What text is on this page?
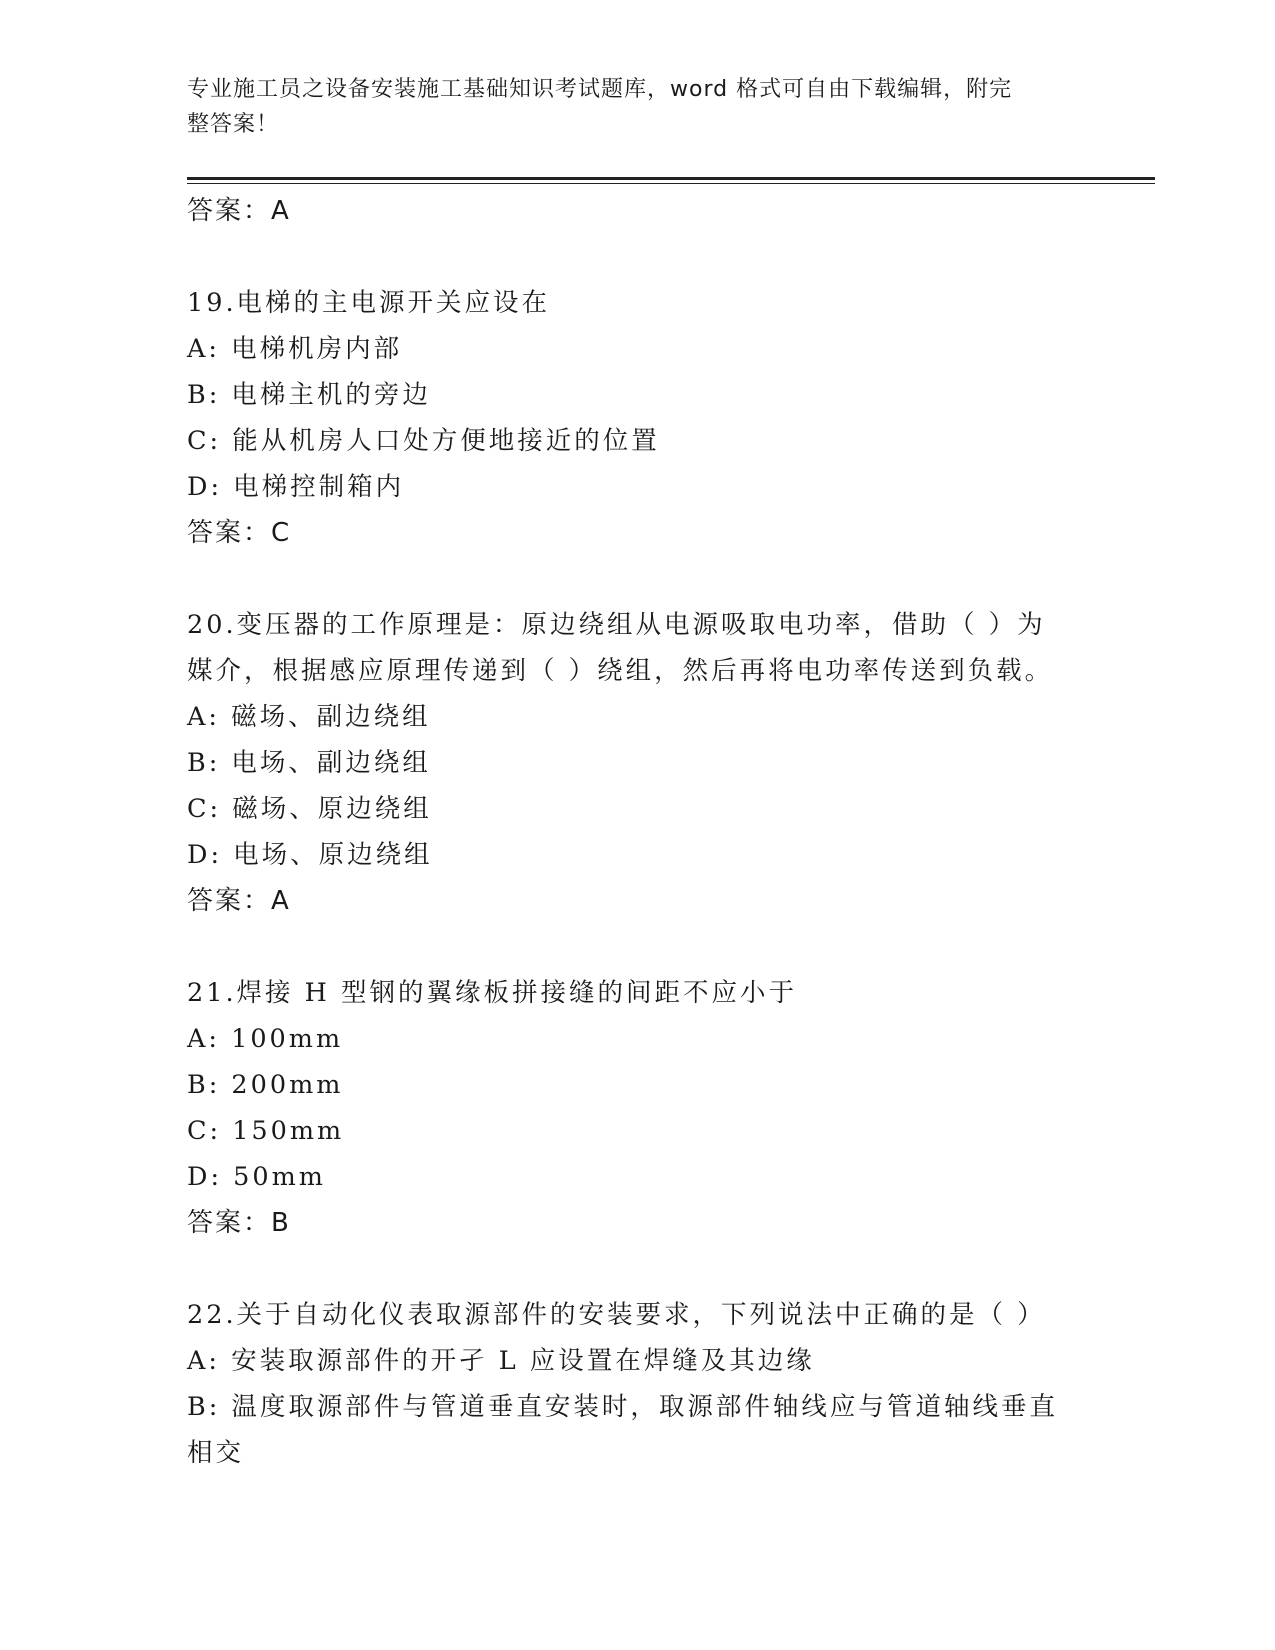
专业施工员之设备安装施工基础知识考试题库，word 格式可自由下载编辑，附完
整答案！
答案：A
19.电梯的主电源开关应设在
A: 电梯机房内部
B: 电梯主机的旁边
C: 能从机房人口处方便地接近的位置
D: 电梯控制箱内
答案：C
20.变压器的工作原理是：原边绕组从电源吸取电功率，借助（ ）为
媒介，根据感应原理传递到（ ）绕组，然后再将电功率传送到负载。
A: 磁场、副边绕组
B: 电场、副边绕组
C: 磁场、原边绕组
D: 电场、原边绕组
答案：A
21.焊接 H 型钢的翼缘板拼接缝的间距不应小于
A: 100mm
B: 200mm
C: 150mm
D: 50mm
答案：B
22.关于自动化仪表取源部件的安装要求，下列说法中正确的是（ ）
A: 安装取源部件的开孑 L 应设置在焊缝及其边缘
B: 温度取源部件与管道垂直安装时，取源部件轴线应与管道轴线垂直
相交
